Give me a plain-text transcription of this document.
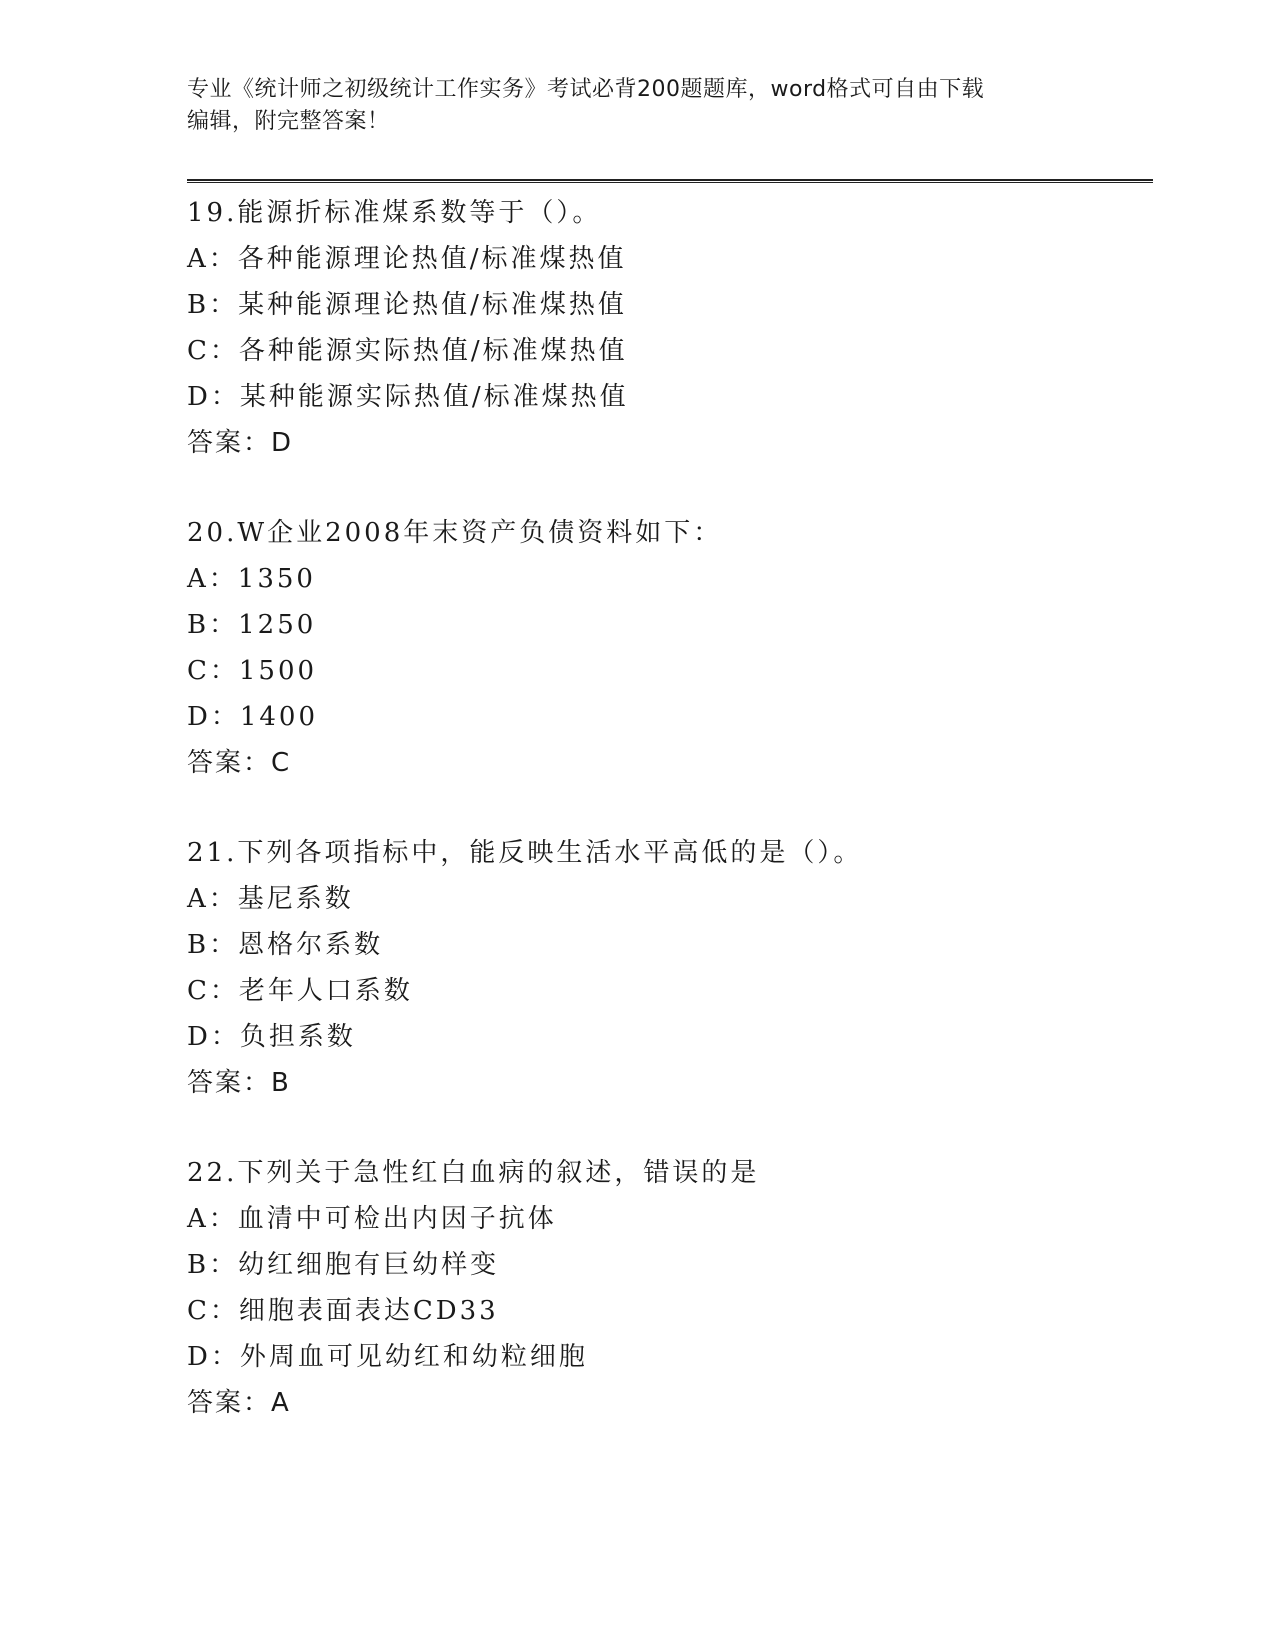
专业《统计师之初级统计工作实务》考试必背200题题库，word格式可自由下载
编辑，附完整答案！
19.能源折标准煤系数等于（）。
A：各种能源理论热值/标准煤热值
B：某种能源理论热值/标准煤热值
C：各种能源实际热值/标准煤热值
D：某种能源实际热值/标准煤热值
答案：D
20.W企业2008年末资产负债资料如下：
A：1350
B：1250
C：1500
D：1400
答案：C
21.下列各项指标中，能反映生活水平高低的是（）。
A：基尼系数
B：恩格尔系数
C：老年人口系数
D：负担系数
答案：B
22.下列关于急性红白血病的叙述，错误的是
A：血清中可检出内因子抗体
B：幼红细胞有巨幼样变
C：细胞表面表达CD33
D：外周血可见幼红和幼粒细胞
答案：A
